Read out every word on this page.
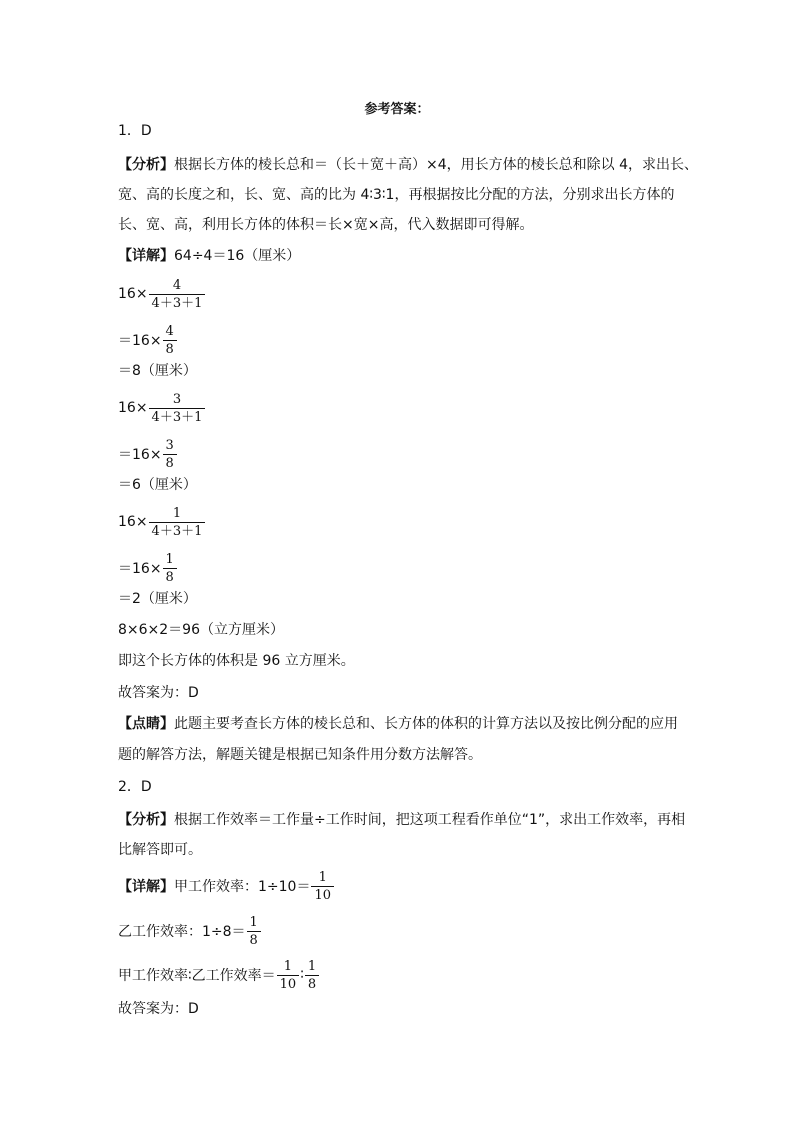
参考答案：
1．D
【分析】根据长方体的棱长总和＝（长＋宽＋高）×4，用长方体的棱长总和除以 4，求出长、
宽、高的长度之和，长、宽、高的比为 4∶3∶1，再根据按比分配的方法，分别求出长方体的
长、宽、高，利用长方体的体积＝长×宽×高，代入数据即可得解。
【详解】64÷4＝16（厘米）
$16\times \frac{4}{4+3+1}$
$=16\times \frac{4}{8}$
＝8（厘米）
$16\times \frac{3}{4+3+1}$
$=16\times \frac{3}{8}$
＝6（厘米）
$16\times \frac{1}{4+3+1}$
$=16\times \frac{1}{8}$
＝2（厘米）
8×6×2＝96（立方厘米）
即这个长方体的体积是 96 立方厘米。
故答案为：D
【点睛】此题主要考查长方体的棱长总和、长方体的体积的计算方法以及按比例分配的应用
题的解答方法，解题关键是根据已知条件用分数方法解答。
2．D
【分析】根据工作效率＝工作量÷工作时间，把这项工程看作单位“1”，求出工作效率，再相
比解答即可。
【详解】 甲工作效率：$1\div 10= \frac{1}{10}$
乙工作效率：$1\div 8= \frac{1}{8}$
甲工作效率∶乙工作效率＝ $\frac{1}{10}$ ∶ $\frac{1}{8}$
故答案为：D
